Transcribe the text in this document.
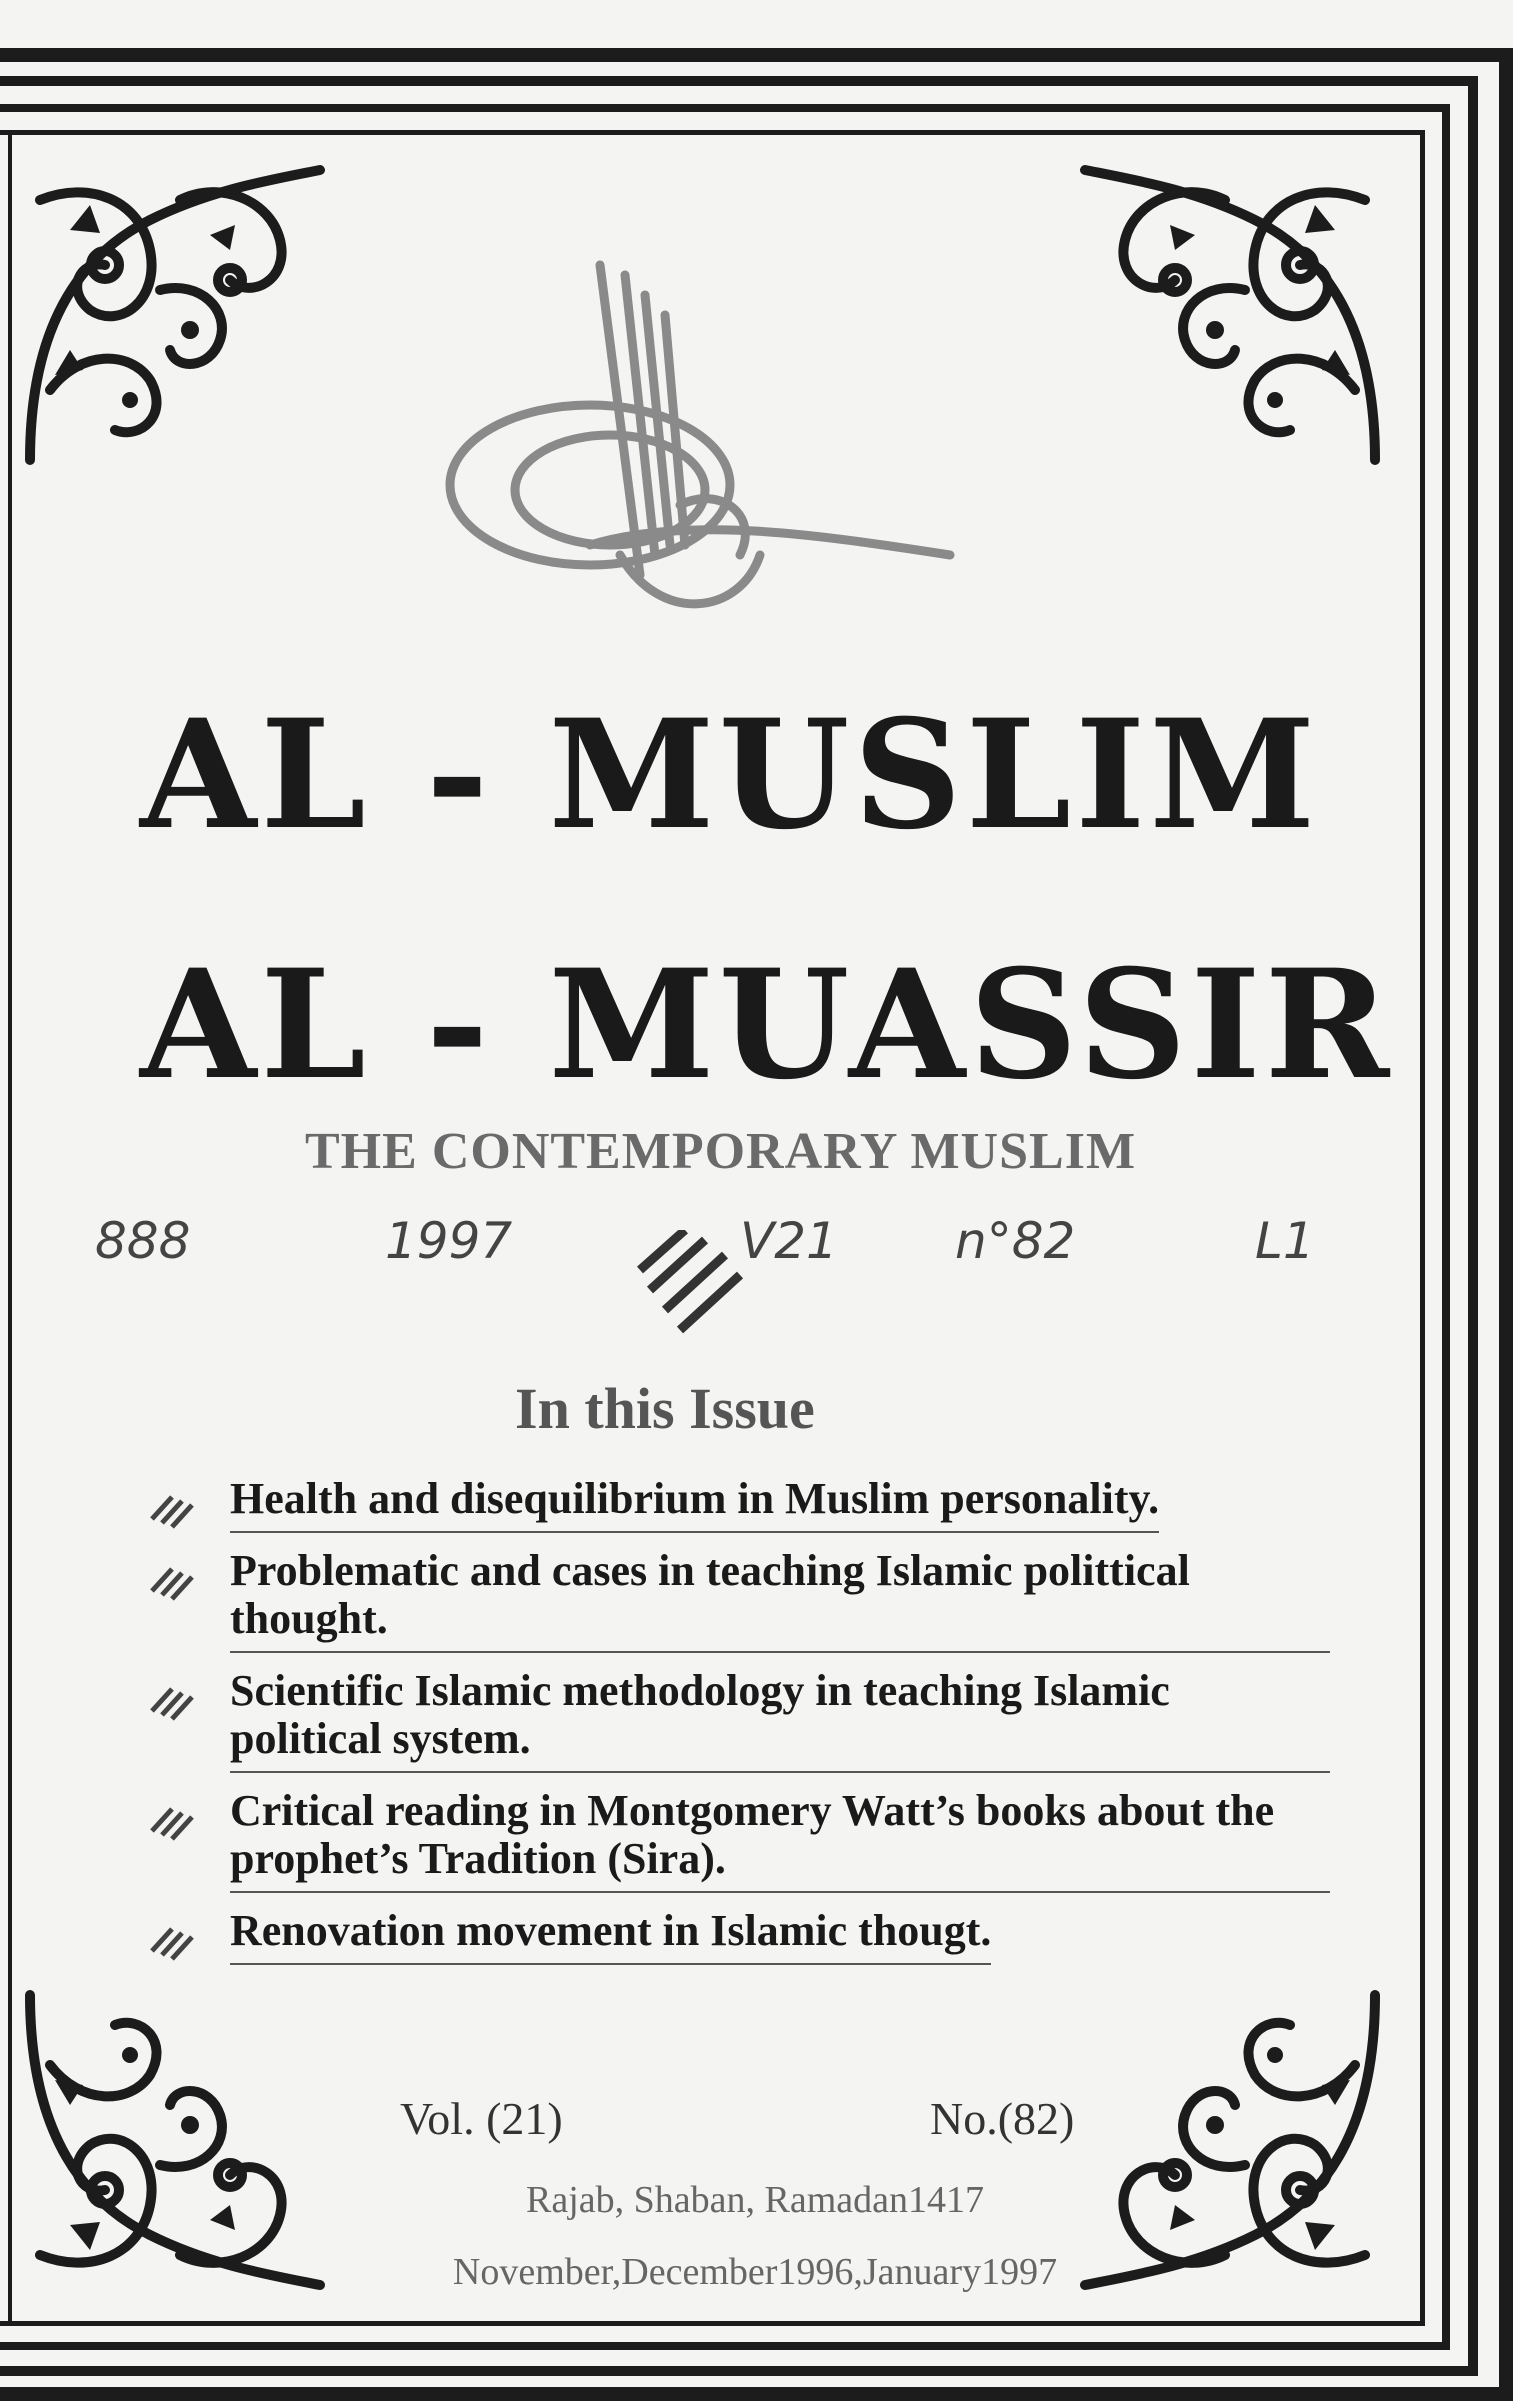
AL - MUSLIM
AL - MUASSIR
THE CONTEMPORARY MUSLIM
888	1997	V21 n°82	L1
In this Issue
Health and disequilibrium in Muslim personality.
Problematic and cases in teaching Islamic polittical thought.
Scientific Islamic methodology in teaching Islamic political system.
Critical reading in Montgomery Watt’s books about the prophet’s Tradition (Sira).
Renovation movement in Islamic thougt.
Vol. (21)	No.(82)
Rajab, Shaban, Ramadan1417
November,December1996,January1997
